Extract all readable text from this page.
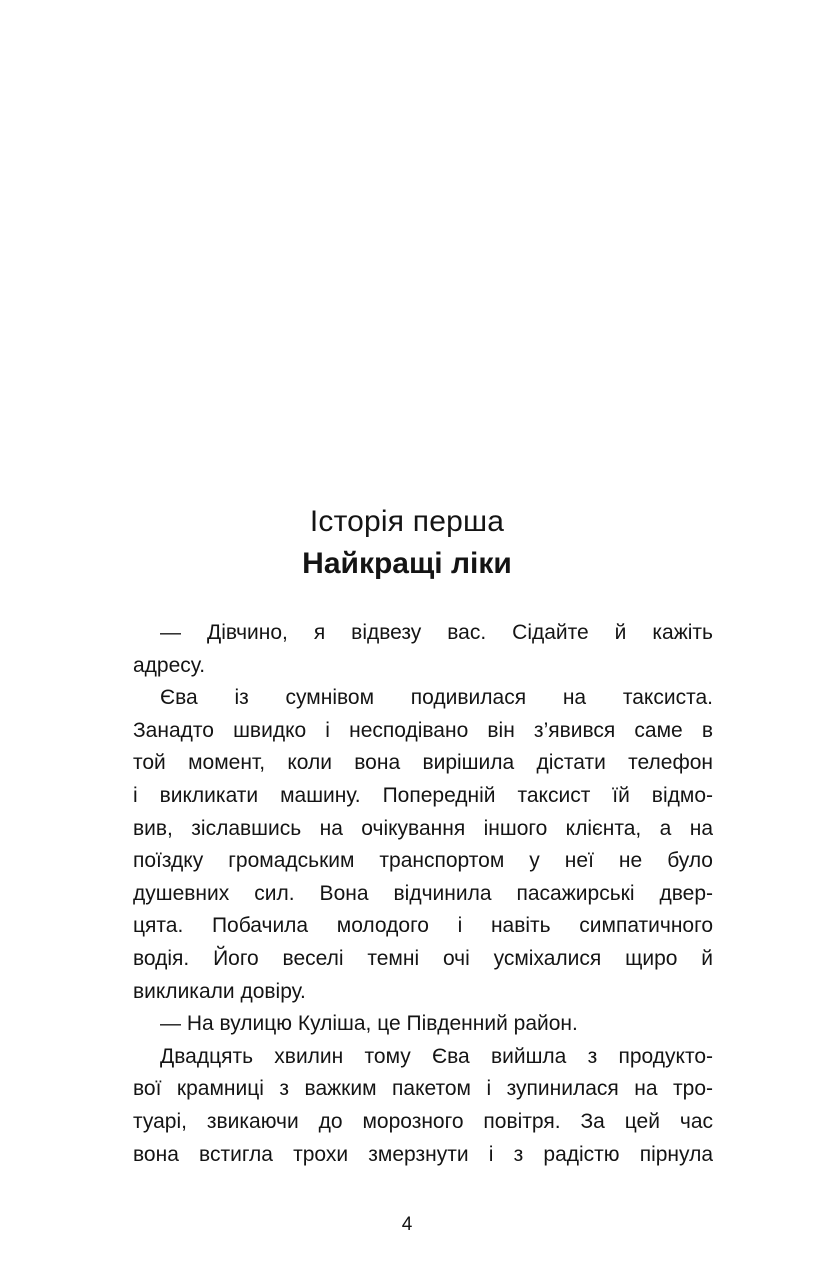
Історія перша
Найкращі ліки
— Дівчино, я відвезу вас. Сідайте й кажіть
адресу.
Єва із сумнівом подивилася на таксиста.
Занадто швидко і несподівано він з’явився саме в
той момент, коли вона вирішила дістати телефон
і викликати машину. Попередній таксист їй відмо-
вив, зіславшись на очікування іншого клієнта, а на
поїздку громадським транспортом у неї не було
душевних сил. Вона відчинила пасажирські двер-
цята. Побачила молодого і навіть симпатичного
водія. Його веселі темні очі усміхалися щиро й
викликали довіру.
— На вулицю Куліша, це Південний район.
Двадцять хвилин тому Єва вийшла з продукто-
вої крамниці з важким пакетом і зупинилася на тро-
туарі, звикаючи до морозного повітря. За цей час
вона встигла трохи змерзнути і з радістю пірнула
4
